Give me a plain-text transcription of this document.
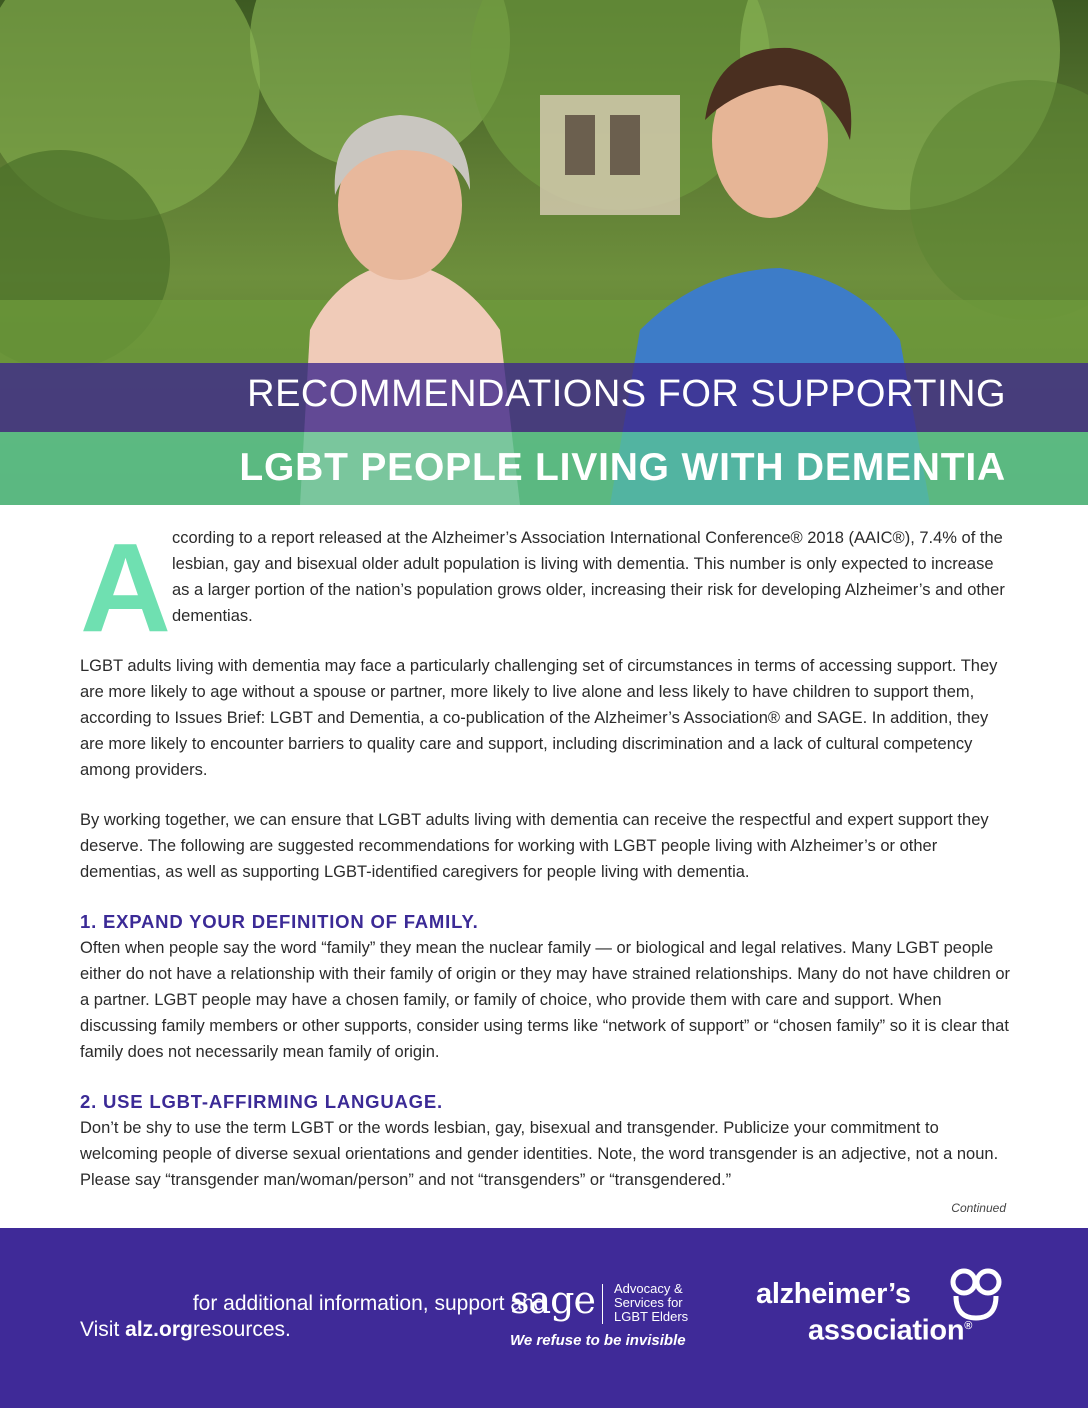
RECOMMENDATIONS FOR SUPPORTING
LGBT PEOPLE LIVING WITH DEMENTIA
A ccording to a report released at the Alzheimer’s Association International Conference® 2018 (AAIC®), 7.4% of the lesbian, gay and bisexual older adult population is living with dementia. This number is only expected to increase as a larger portion of the nation’s population grows older, increasing their risk for developing Alzheimer’s and other dementias.

LGBT adults living with dementia may face a particularly challenging set of circumstances in terms of accessing support. They are more likely to age without a spouse or partner, more likely to live alone and less likely to have children to support them, according to Issues Brief: LGBT and Dementia, a co-publication of the Alzheimer’s Association® and SAGE. In addition, they are more likely to encounter barriers to quality care and support, including discrimination and a lack of cultural competency among providers.

By working together, we can ensure that LGBT adults living with dementia can receive the respectful and expert support they deserve. The following are suggested recommendations for working with LGBT people living with Alzheimer’s or other dementias, as well as supporting LGBT-identified caregivers for people living with dementia.

1. EXPAND YOUR DEFINITION OF FAMILY.

Often when people say the word “family” they mean the nuclear family — or biological and legal relatives. Many LGBT people either do not have a relationship with their family of origin or they may have strained relationships. Many do not have children or a partner. LGBT people may have a chosen family, or family of choice, who provide them with care and support. When discussing family members or other supports, consider using terms like “network of support” or “chosen family” so it is clear that family does not necessarily mean family of origin.

2. USE LGBT-AFFIRMING LANGUAGE.

Don’t be shy to use the term LGBT or the words lesbian, gay, bisexual and transgender. Publicize your commitment to welcoming people of diverse sexual orientations and gender identities. Note, the word transgender is an adjective, not a noun. Please say “transgender man/woman/person” and not “transgenders” or “transgendered.”

Continued
Visit alz.orgfor additional information, support and resources.
sage Advocacy & Services for LGBT Elders
We refuse to be invisible
alzheimer’s
association®
